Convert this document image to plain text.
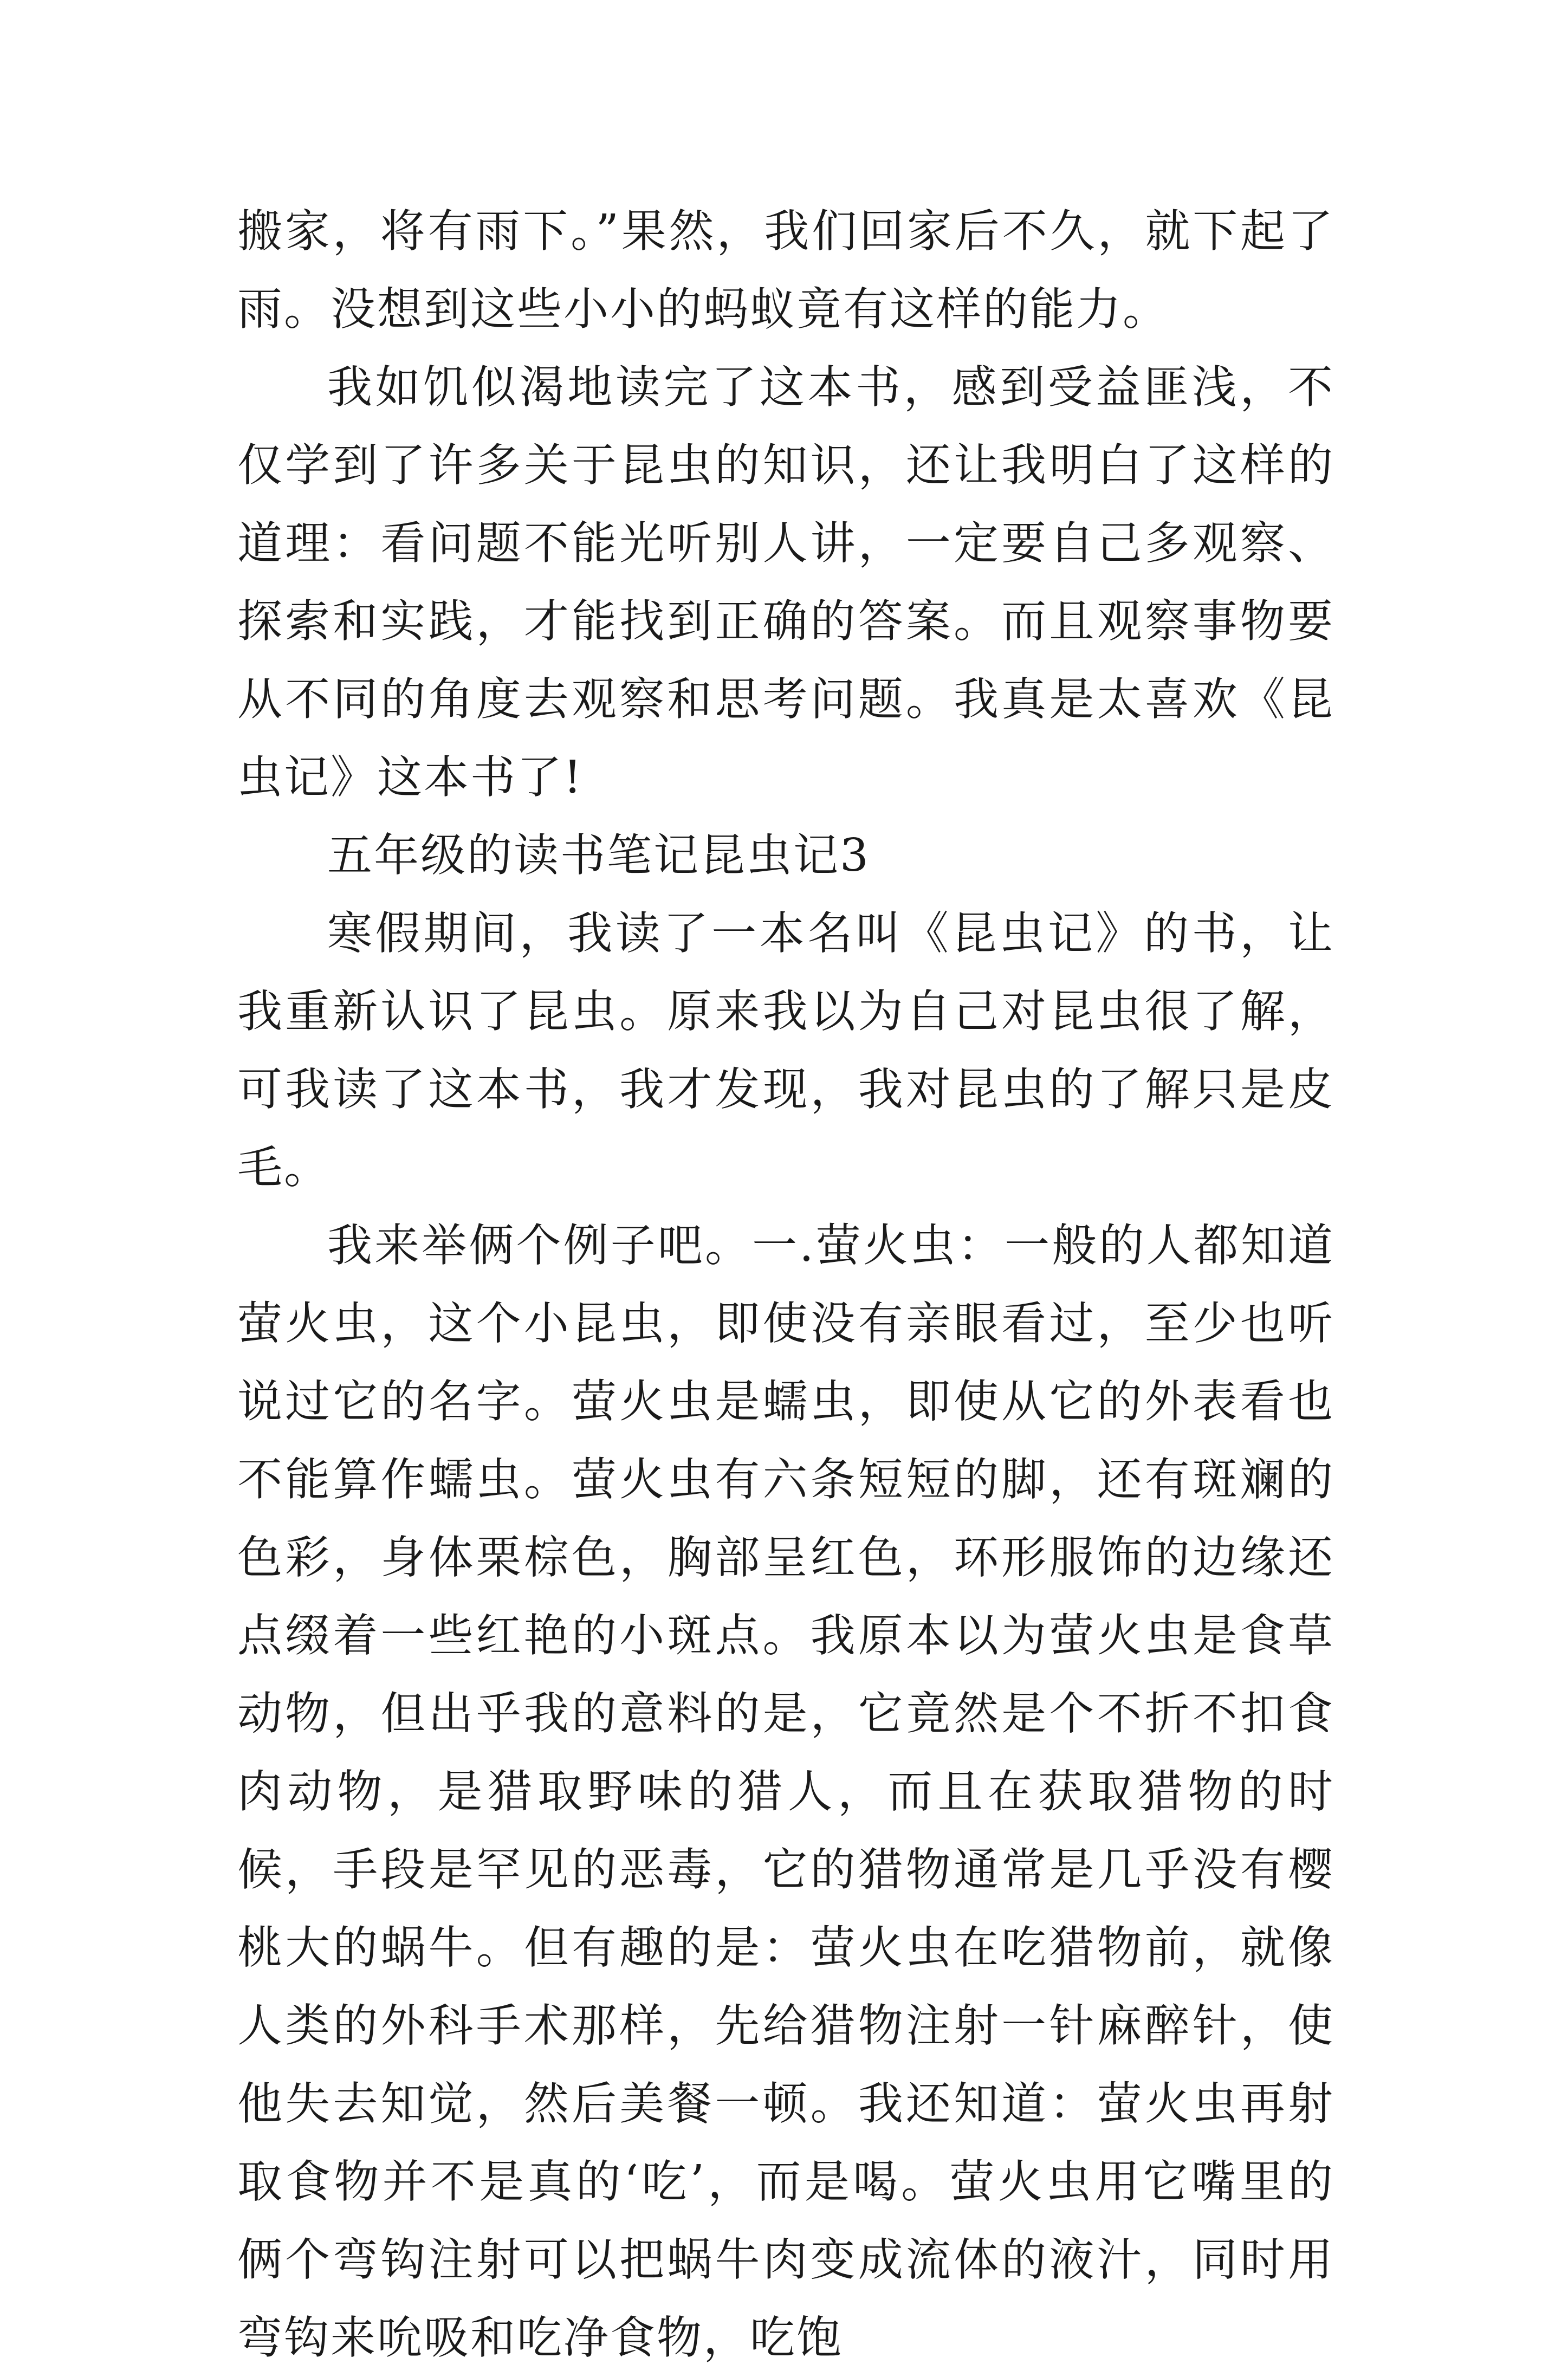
搬家，将有雨下。”果然，我们回家后不久，就下起了雨。没想到这些小小的蚂蚁竟有这样的能力。

我如饥似渴地读完了这本书，感到受益匪浅，不仅学到了许多关于昆虫的知识，还让我明白了这样的道理：看问题不能光听别人讲，一定要自己多观察、探索和实践，才能找到正确的答案。而且观察事物要从不同的角度去观察和思考问题。我真是太喜欢《昆虫记》这本书了!

五年级的读书笔记昆虫记3

寒假期间，我读了一本名叫《昆虫记》的书，让我重新认识了昆虫。原来我以为自己对昆虫很了解，可我读了这本书，我才发现，我对昆虫的了解只是皮毛。

我来举俩个例子吧。一.萤火虫：一般的人都知道萤火虫，这个小昆虫，即使没有亲眼看过，至少也听说过它的名字。萤火虫是蠕虫，即使从它的外表看也不能算作蠕虫。萤火虫有六条短短的脚，还有斑斓的色彩，身体栗棕色，胸部呈红色，环形服饰的边缘还点缀着一些红艳的小斑点。我原本以为萤火虫是食草动物，但出乎我的意料的是，它竟然是个不折不扣食肉动物，是猎取野味的猎人，而且在获取猎物的时候，手段是罕见的恶毒，它的猎物通常是几乎没有樱桃大的蜗牛。但有趣的是：萤火虫在吃猎物前，就像人类的外科手术那样，先给猎物注射一针麻醉针，使他失去知觉，然后美餐一顿。我还知道：萤火虫再射取食物并不是真的‘吃’，而是喝。萤火虫用它嘴里的俩个弯钩注射可以把蜗牛肉变成流体的液汁，同时用弯钩来吮吸和吃净食物，吃饱
